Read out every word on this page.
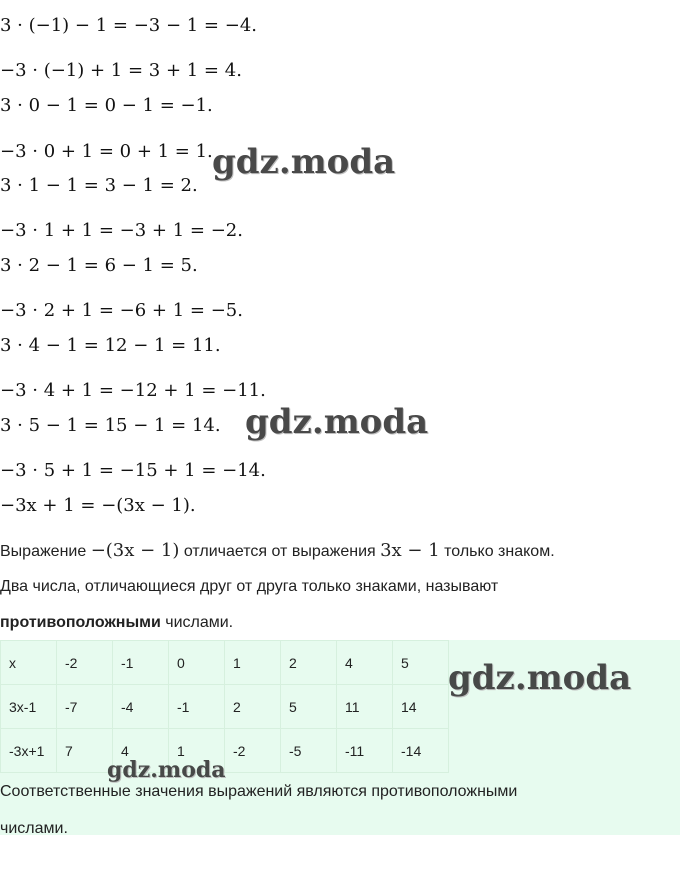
3 · (−1) − 1 = −3 − 1 = −4.
−3 · (−1) + 1 = 3 + 1 = 4.
3 · 0 − 1 = 0 − 1 = −1.
−3 · 0 + 1 = 0 + 1 = 1.
3 · 1 − 1 = 3 − 1 = 2.
−3 · 1 + 1 = −3 + 1 = −2.
3 · 2 − 1 = 6 − 1 = 5.
−3 · 2 + 1 = −6 + 1 = −5.
3 · 4 − 1 = 12 − 1 = 11.
−3 · 4 + 1 = −12 + 1 = −11.
3 · 5 − 1 = 15 − 1 = 14.
−3 · 5 + 1 = −15 + 1 = −14.
−3x + 1 = −(3x − 1).
Выражение −(3x − 1) отличается от выражения 3x − 1 только знаком.
Два числа, отличающиеся друг от друга только знаками, называют
противоположными числами.
x	-2	-1	0	1	2	4	5
3x-1	-7	-4	-1	2	5	11	14
-3x+1	7	4	1	-2	-5	-11	-14
Соответственные значения выражений являются противоположными
числами.
gdz.moda
gdz.moda
gdz.moda
gdz.moda
